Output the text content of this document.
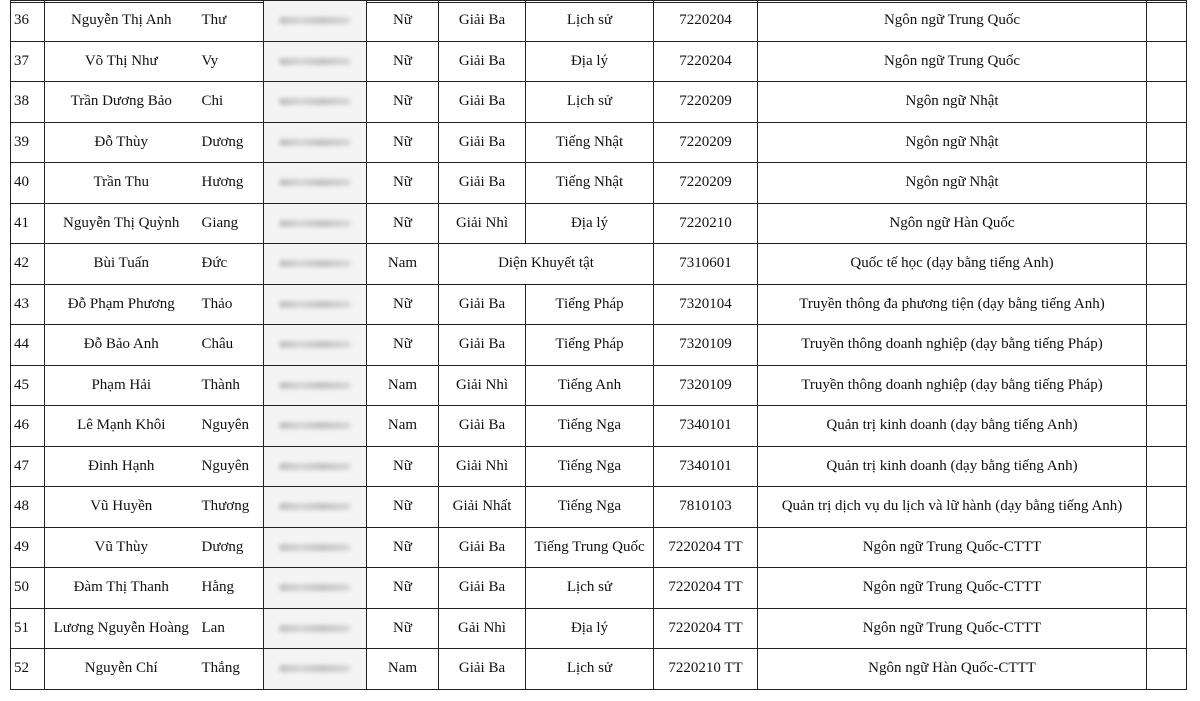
36	Nguyễn Thị Anh	Thư		Nữ	Giải Ba	Lịch sử	7220204	Ngôn ngữ Trung Quốc	
37	Võ Thị Như	Vy		Nữ	Giải Ba	Địa lý	7220204	Ngôn ngữ Trung Quốc	
38	Trần Dương Bảo	Chi		Nữ	Giải Ba	Lịch sử	7220209	Ngôn ngữ Nhật	
39	Đỗ Thùy	Dương		Nữ	Giải Ba	Tiếng Nhật	7220209	Ngôn ngữ Nhật	
40	Trần Thu	Hương		Nữ	Giải Ba	Tiếng Nhật	7220209	Ngôn ngữ Nhật	
41	Nguyễn Thị Quỳnh	Giang		Nữ	Giải Nhì	Địa lý	7220210	Ngôn ngữ Hàn Quốc	
42	Bùi Tuấn	Đức		Nam	Diện Khuyết tật		7310601	Quốc tế học (dạy bằng tiếng Anh)	
43	Đỗ Phạm Phương	Thảo		Nữ	Giải Ba	Tiếng Pháp	7320104	Truyền thông đa phương tiện (dạy bằng tiếng Anh)	
44	Đỗ Bảo Anh	Châu		Nữ	Giải Ba	Tiếng Pháp	7320109	Truyền thông doanh nghiệp (dạy bằng tiếng Pháp)	
45	Phạm Hải	Thành		Nam	Giải Nhì	Tiếng Anh	7320109	Truyền thông doanh nghiệp (dạy bằng tiếng Pháp)	
46	Lê Mạnh Khôi	Nguyên		Nam	Giải Ba	Tiếng Nga	7340101	Quản trị kinh doanh (dạy bằng tiếng Anh)	
47	Đinh Hạnh	Nguyên		Nữ	Giải Nhì	Tiếng Nga	7340101	Quản trị kinh doanh (dạy bằng tiếng Anh)	
48	Vũ Huyền	Thương		Nữ	Giải Nhất	Tiếng Nga	7810103	Quản trị dịch vụ du lịch và lữ hành (dạy bằng tiếng Anh)	
49	Vũ Thùy	Dương		Nữ	Giải Ba	Tiếng Trung Quốc	7220204 TT	Ngôn ngữ Trung Quốc-CTTT	
50	Đàm Thị Thanh	Hằng		Nữ	Giải Ba	Lịch sử	7220204 TT	Ngôn ngữ Trung Quốc-CTTT	
51	Lương Nguyễn Hoàng	Lan		Nữ	Gải Nhì	Địa lý	7220204 TT	Ngôn ngữ Trung Quốc-CTTT	
52	Nguyễn Chí	Thắng		Nam	Giải Ba	Lịch sử	7220210 TT	Ngôn ngữ Hàn Quốc-CTTT	
